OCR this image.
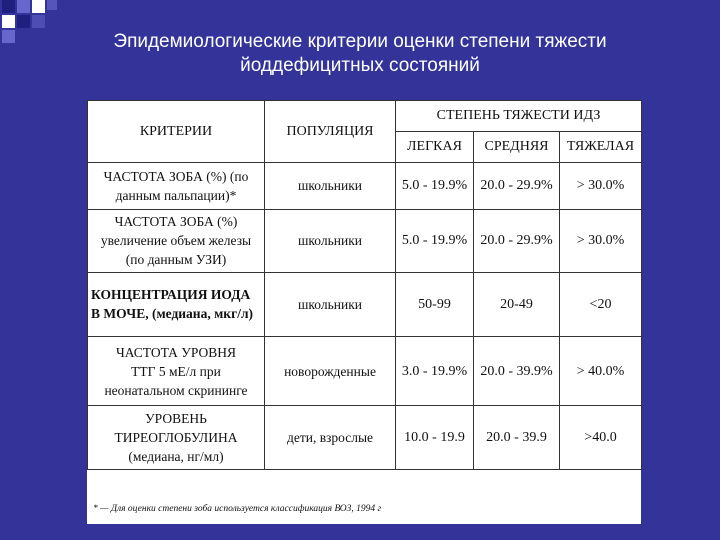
Эпидемиологические критерии оценки степени тяжести
йоддефицитных состояний
КРИТЕРИИ	ПОПУЛЯЦИЯ	СТЕПЕНЬ ТЯЖЕСТИ ИДЗ		
		ЛЕГКАЯ	СРЕДНЯЯ	ТЯЖЕЛАЯ

ЧАСТОТА ЗОБА (%) (по
данным пальпации)*	школьники	5.0 - 19.9%	20.0 - 29.9%	> 30.0%

ЧАСТОТА ЗОБА (%)
увеличение объем железы
(по данным УЗИ)	школьники	5.0 - 19.9%	20.0 - 29.9%	> 30.0%

КОНЦЕНТРАЦИЯ ИОДА
В МОЧЕ, (медиана, мкг/л)	школьники	50-99	20-49	<20

ЧАСТОТА УРОВНЯ
ТТГ 5 мЕ/л при
неонатальном скрининге	новорожденные	3.0 - 19.9%	20.0 - 39.9%	> 40.0%

УРОВЕНЬ
ТИРЕОГЛОБУЛИНА
(медиана, нг/мл)	дети, взрослые	10.0 - 19.9	20.0 - 39.9	>40.0
* — Для оценки степени зоба используется классификация ВОЗ, 1994 г
